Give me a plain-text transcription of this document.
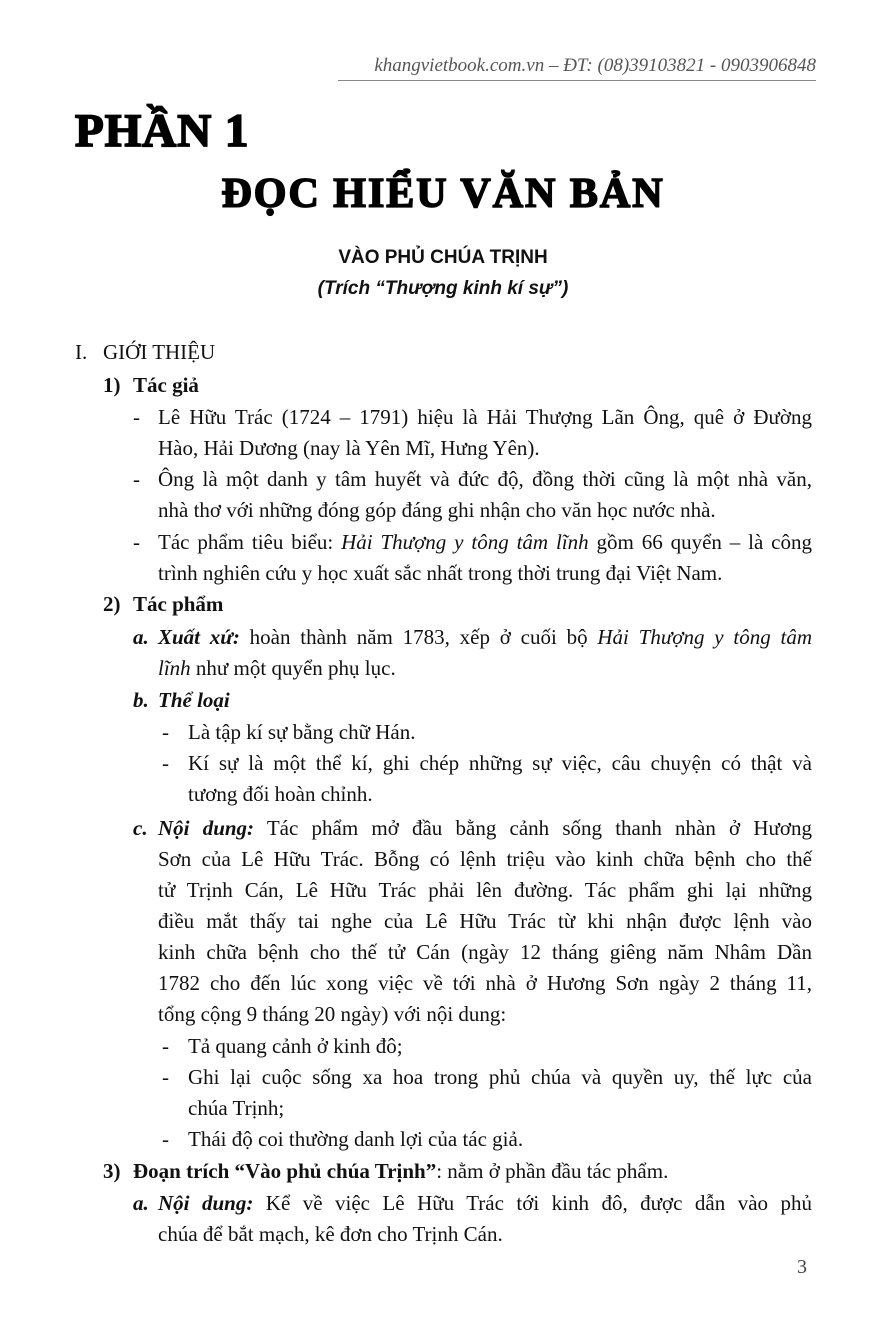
khangvietbook.com.vn – ĐT: (08)39103821 - 0903906848
PHẦN 1
ĐỌC HIỂU VĂN BẢN
VÀO PHỦ CHÚA TRỊNH
(Trích “Thượng kinh kí sự”)
I. GIỚI THIỆU
1) Tác giả
- Lê Hữu Trác (1724 – 1791) hiệu là Hải Thượng Lãn Ông, quê ở Đường
Hào, Hải Dương (nay là Yên Mĩ, Hưng Yên).
- Ông là một danh y tâm huyết và đức độ, đồng thời cũng là một nhà văn,
nhà thơ với những đóng góp đáng ghi nhận cho văn học nước nhà.
- Tác phẩm tiêu biểu: Hải Thượng y tông tâm lĩnh gồm 66 quyển – là công
trình nghiên cứu y học xuất sắc nhất trong thời trung đại Việt Nam.
2) Tác phẩm
a. Xuất xứ: hoàn thành năm 1783, xếp ở cuối bộ Hải Thượng y tông tâm
lĩnh như một quyển phụ lục.
b. Thể loại
- Là tập kí sự bằng chữ Hán.
- Kí sự là một thể kí, ghi chép những sự việc, câu chuyện có thật và
tương đối hoàn chỉnh.
c. Nội dung: Tác phẩm mở đầu bằng cảnh sống thanh nhàn ở Hương
Sơn của Lê Hữu Trác. Bỗng có lệnh triệu vào kinh chữa bệnh cho thế
tử Trịnh Cán, Lê Hữu Trác phải lên đường. Tác phẩm ghi lại những
điều mắt thấy tai nghe của Lê Hữu Trác từ khi nhận được lệnh vào
kinh chữa bệnh cho thế tử Cán (ngày 12 tháng giêng năm Nhâm Dần
1782 cho đến lúc xong việc về tới nhà ở Hương Sơn ngày 2 tháng 11,
tổng cộng 9 tháng 20 ngày) với nội dung:
- Tả quang cảnh ở kinh đô;
- Ghi lại cuộc sống xa hoa trong phủ chúa và quyền uy, thế lực của
chúa Trịnh;
- Thái độ coi thường danh lợi của tác giả.
3) Đoạn trích “Vào phủ chúa Trịnh”: nằm ở phần đầu tác phẩm.
a. Nội dung: Kể về việc Lê Hữu Trác tới kinh đô, được dẫn vào phủ
chúa để bắt mạch, kê đơn cho Trịnh Cán.
3
